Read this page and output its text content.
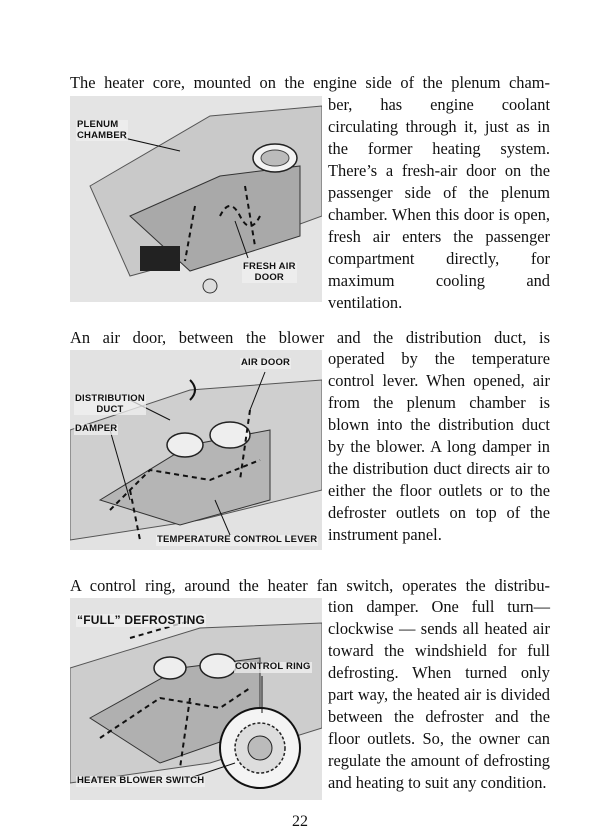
The heater core, mounted on the engine side of the plenum cham-

PLENUM
CHAMBER
FRESH AIR
DOOR

ber, has engine coolant circulating through it, just as in the former heating system. There’s a fresh-air door on the passenger side of the plenum chamber. When this door is open, fresh air enters the passenger compartment directly, for maximum cooling and ventilation.

An air door, between the blower and the distribution duct, is

AIR DOOR
DISTRIBUTION
DUCT
DAMPER
TEMPERATURE CONTROL LEVER

operated by the temperature control lever. When opened, air from the plenum chamber is blown into the distribution duct by the blower. A long damper in the distribution duct directs air to either the floor outlets or to the defroster outlets on top of the instrument panel.

A control ring, around the heater fan switch, operates the distribu-

“FULL” DEFROSTING
CONTROL RING
HEATER BLOWER SWITCH

tion damper. One full turn—clockwise — sends all heated air toward the windshield for full defrosting. When turned only part way, the heated air is divided between the defroster and the floor outlets. So, the owner can regulate the amount of defrosting and heating to suit any condition.

22
